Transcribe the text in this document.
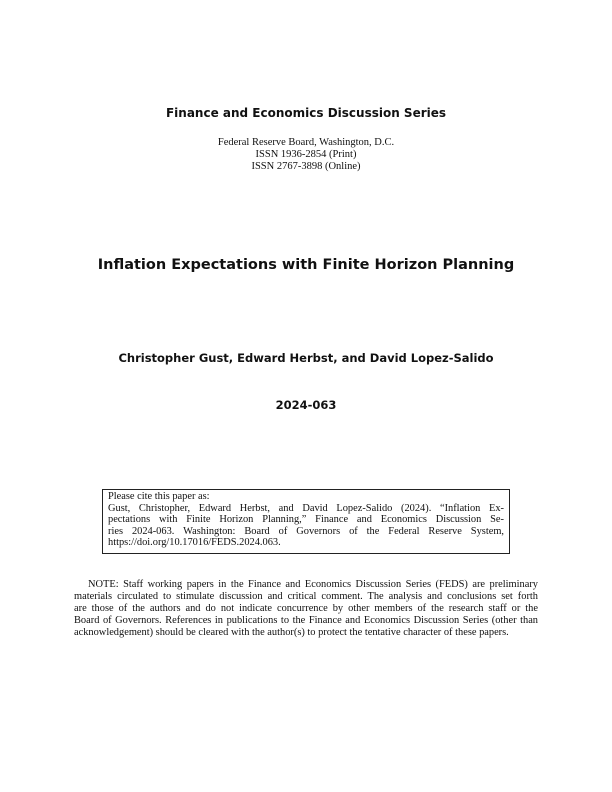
Finance and Economics Discussion Series
Federal Reserve Board, Washington, D.C.
ISSN 1936-2854 (Print)
ISSN 2767-3898 (Online)
Inflation Expectations with Finite Horizon Planning
Christopher Gust, Edward Herbst, and David Lopez-Salido
2024-063
Please cite this paper as:
Gust, Christopher, Edward Herbst, and David Lopez-Salido (2024). “Inflation Ex-
pectations with Finite Horizon Planning,” Finance and Economics Discussion Se-
ries 2024-063. Washington: Board of Governors of the Federal Reserve System,
https://doi.org/10.17016/FEDS.2024.063.
NOTE: Staff working papers in the Finance and Economics Discussion Series (FEDS) are preliminary
materials circulated to stimulate discussion and critical comment. The analysis and conclusions set forth
are those of the authors and do not indicate concurrence by other members of the research staff or the
Board of Governors. References in publications to the Finance and Economics Discussion Series (other than
acknowledgement) should be cleared with the author(s) to protect the tentative character of these papers.
